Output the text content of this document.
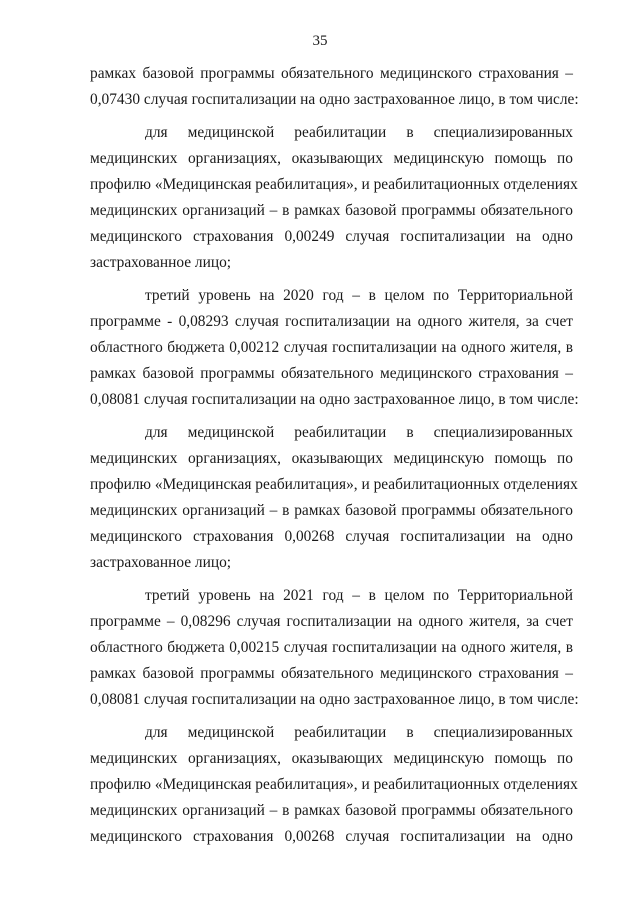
35
рамках базовой программы обязательного медицинского страхования –
0,07430 случая госпитализации на одно застрахованное лицо, в том числе:
для медицинской реабилитации в специализированных
медицинских организациях, оказывающих медицинскую помощь по
профилю «Медицинская реабилитация», и реабилитационных отделениях
медицинских организаций – в рамках базовой программы обязательного
медицинского страхования 0,00249 случая госпитализации на одно
застрахованное лицо;
третий уровень на 2020 год – в целом по Территориальной
программе - 0,08293 случая госпитализации на одного жителя, за счет
областного бюджета 0,00212 случая госпитализации на одного жителя, в
рамках базовой программы обязательного медицинского страхования –
0,08081 случая госпитализации на одно застрахованное лицо, в том числе:
для медицинской реабилитации в специализированных
медицинских организациях, оказывающих медицинскую помощь по
профилю «Медицинская реабилитация», и реабилитационных отделениях
медицинских организаций – в рамках базовой программы обязательного
медицинского страхования 0,00268 случая госпитализации на одно
застрахованное лицо;
третий уровень на 2021 год – в целом по Территориальной
программе – 0,08296 случая госпитализации на одного жителя, за счет
областного бюджета 0,00215 случая госпитализации на одного жителя, в
рамках базовой программы обязательного медицинского страхования –
0,08081 случая госпитализации на одно застрахованное лицо, в том числе:
для медицинской реабилитации в специализированных
медицинских организациях, оказывающих медицинскую помощь по
профилю «Медицинская реабилитация», и реабилитационных отделениях
медицинских организаций – в рамках базовой программы обязательного
медицинского страхования 0,00268 случая госпитализации на одно
